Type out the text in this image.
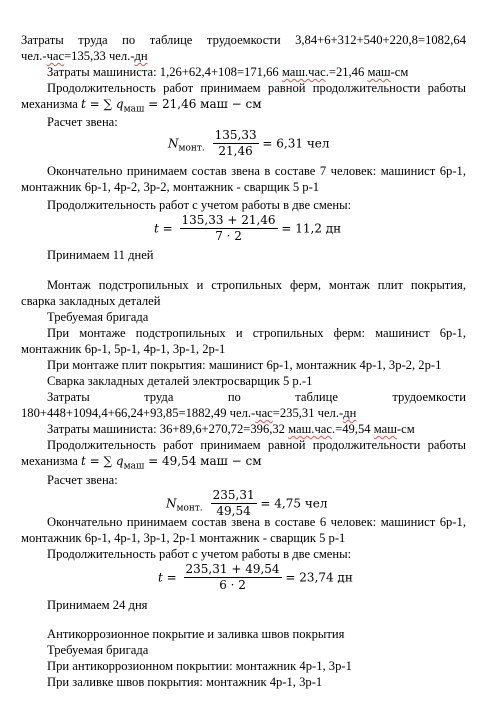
Затраты труда по таблице трудоемкости 3,84+6+312+540+220,8=1082,64
чел.-час=135,33 чел.-дн
Затраты машиниста: 1,26+62,4+108=171,66 маш.час.=21,46 маш-см
Продолжительность работ принимаем равной продолжительности работы
механизма t = ∑ $q_{маш} = 21,46$ маш − см
Расчет звена:
$N_{монт.} \frac{135,33}{21,46} = 6,31$ чел
Окончательно принимаем состав звена в составе 7 человек: машинист 6р-1,
монтажник 6р-1, 4р-2, 3р-2, монтажник - сварщик 5 р-1
Продолжительность работ с учетом работы в две смены:
$t = \frac{135,33 + 21,46}{7 \cdot 2} = 11,2$ дн
Принимаем 11 дней
Монтаж подстропильных и стропильных ферм, монтаж плит покрытия,
сварка закладных деталей
Требуемая бригада
При монтаже подстропильных и стропильных ферм: машинист 6р-1,
монтажник 6р-1, 5р-1, 4р-1, 3р-1, 2р-1
При монтаже плит покрытия: машинист 6р-1, монтажник 4р-1, 3р-2, 2р-1
Сварка закладных деталей электросварщик 5 р.-1
Затраты	труда	по	таблице	трудоемкости
180+448+1094,4+66,24+93,85=1882,49 чел.-час=235,31 чел.-дн
Затраты машиниста: 36+89,6+270,72=396,32 маш.час.=49,54 маш-см
Продолжительность работ принимаем равной продолжительности работы
механизма t = ∑ $q_{маш} = 49,54$ маш − см
Расчет звена:
$N_{монт.} \frac{235,31}{49,54} = 4,75$ чел
Окончательно принимаем состав звена в составе 6 человек: машинист 6р-1,
монтажник 6р-1, 4р-1, 3р-1, 2р-1 монтажник - сварщик 5 р-1
Продолжительность работ с учетом работы в две смены:
$t = \frac{235,31 + 49,54}{6 \cdot 2} = 23,74$ дн
Принимаем 24 дня
Антикоррозионное покрытие и заливка швов покрытия
Требуемая бригада
При антикоррозионном покрытии: монтажник 4р-1, 3р-1
При заливке швов покрытия: монтажник 4р-1, 3р-1
